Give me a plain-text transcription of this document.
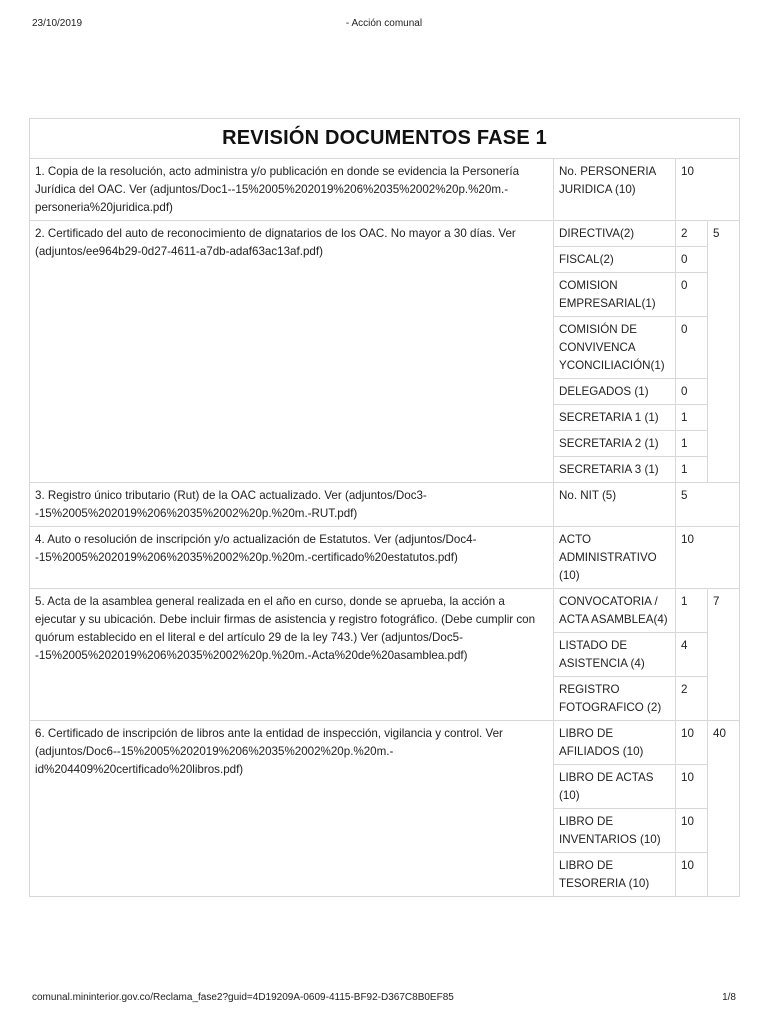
23/10/2019	- Acción comunal
REVISIÓN DOCUMENTOS FASE 1			
1. Copia de la resolución, acto administra y/o publicación en donde se evidencia la Personería Jurídica del OAC. Ver (adjuntos/Doc1--15%2005%202019%206%2035%2002%20p.%20m.-personeria%20juridica.pdf)	No. PERSONERIA JURIDICA (10)	10	
2. Certificado del auto de reconocimiento de dignatarios de los OAC. No mayor a 30 días. Ver (adjuntos/ee964b29-0d27-4611-a7db-adaf63ac13af.pdf)	DIRECTIVA(2)	2	5
	FISCAL(2)	0	
	COMISION EMPRESARIAL(1)	0	
	COMISIÓN DE CONVIVENCA YCONCILIACIÓN(1)	0	
	DELEGADOS (1)	0	
	SECRETARIA 1 (1)	1	
	SECRETARIA 2 (1)	1	
	SECRETARIA 3 (1)	1	
3. Registro único tributario (Rut) de la OAC actualizado. Ver (adjuntos/Doc3--15%2005%202019%206%2035%2002%20p.%20m.-RUT.pdf)	No. NIT (5)	5	
4. Auto o resolución de inscripción y/o actualización de Estatutos. Ver (adjuntos/Doc4--15%2005%202019%206%2035%2002%20p.%20m.-certificado%20estatutos.pdf)	ACTO ADMINISTRATIVO (10)	10	
5. Acta de la asamblea general realizada en el año en curso, donde se aprueba, la acción a ejecutar y su ubicación. Debe incluir firmas de asistencia y registro fotográfico. (Debe cumplir con quórum establecido en el literal e del artículo 29 de la ley 743.) Ver (adjuntos/Doc5--15%2005%202019%206%2035%2002%20p.%20m.-Acta%20de%20asamblea.pdf)	CONVOCATORIA / ACTA ASAMBLEA(4)	1	7
	LISTADO DE ASISTENCIA (4)	4	
	REGISTRO FOTOGRAFICO (2)	2	
6. Certificado de inscripción de libros ante la entidad de inspección, vigilancia y control. Ver (adjuntos/Doc6--15%2005%202019%206%2035%2002%20p.%20m.-id%204409%20certificado%20libros.pdf)	LIBRO DE AFILIADOS (10)	10	40
	LIBRO DE ACTAS (10)	10	
	LIBRO DE INVENTARIOS (10)	10	
	LIBRO DE TESORERIA (10)	10	
comunal.mininterior.gov.co/Reclama_fase2?guid=4D19209A-0609-4115-BF92-D367C8B0EF85	1/8
